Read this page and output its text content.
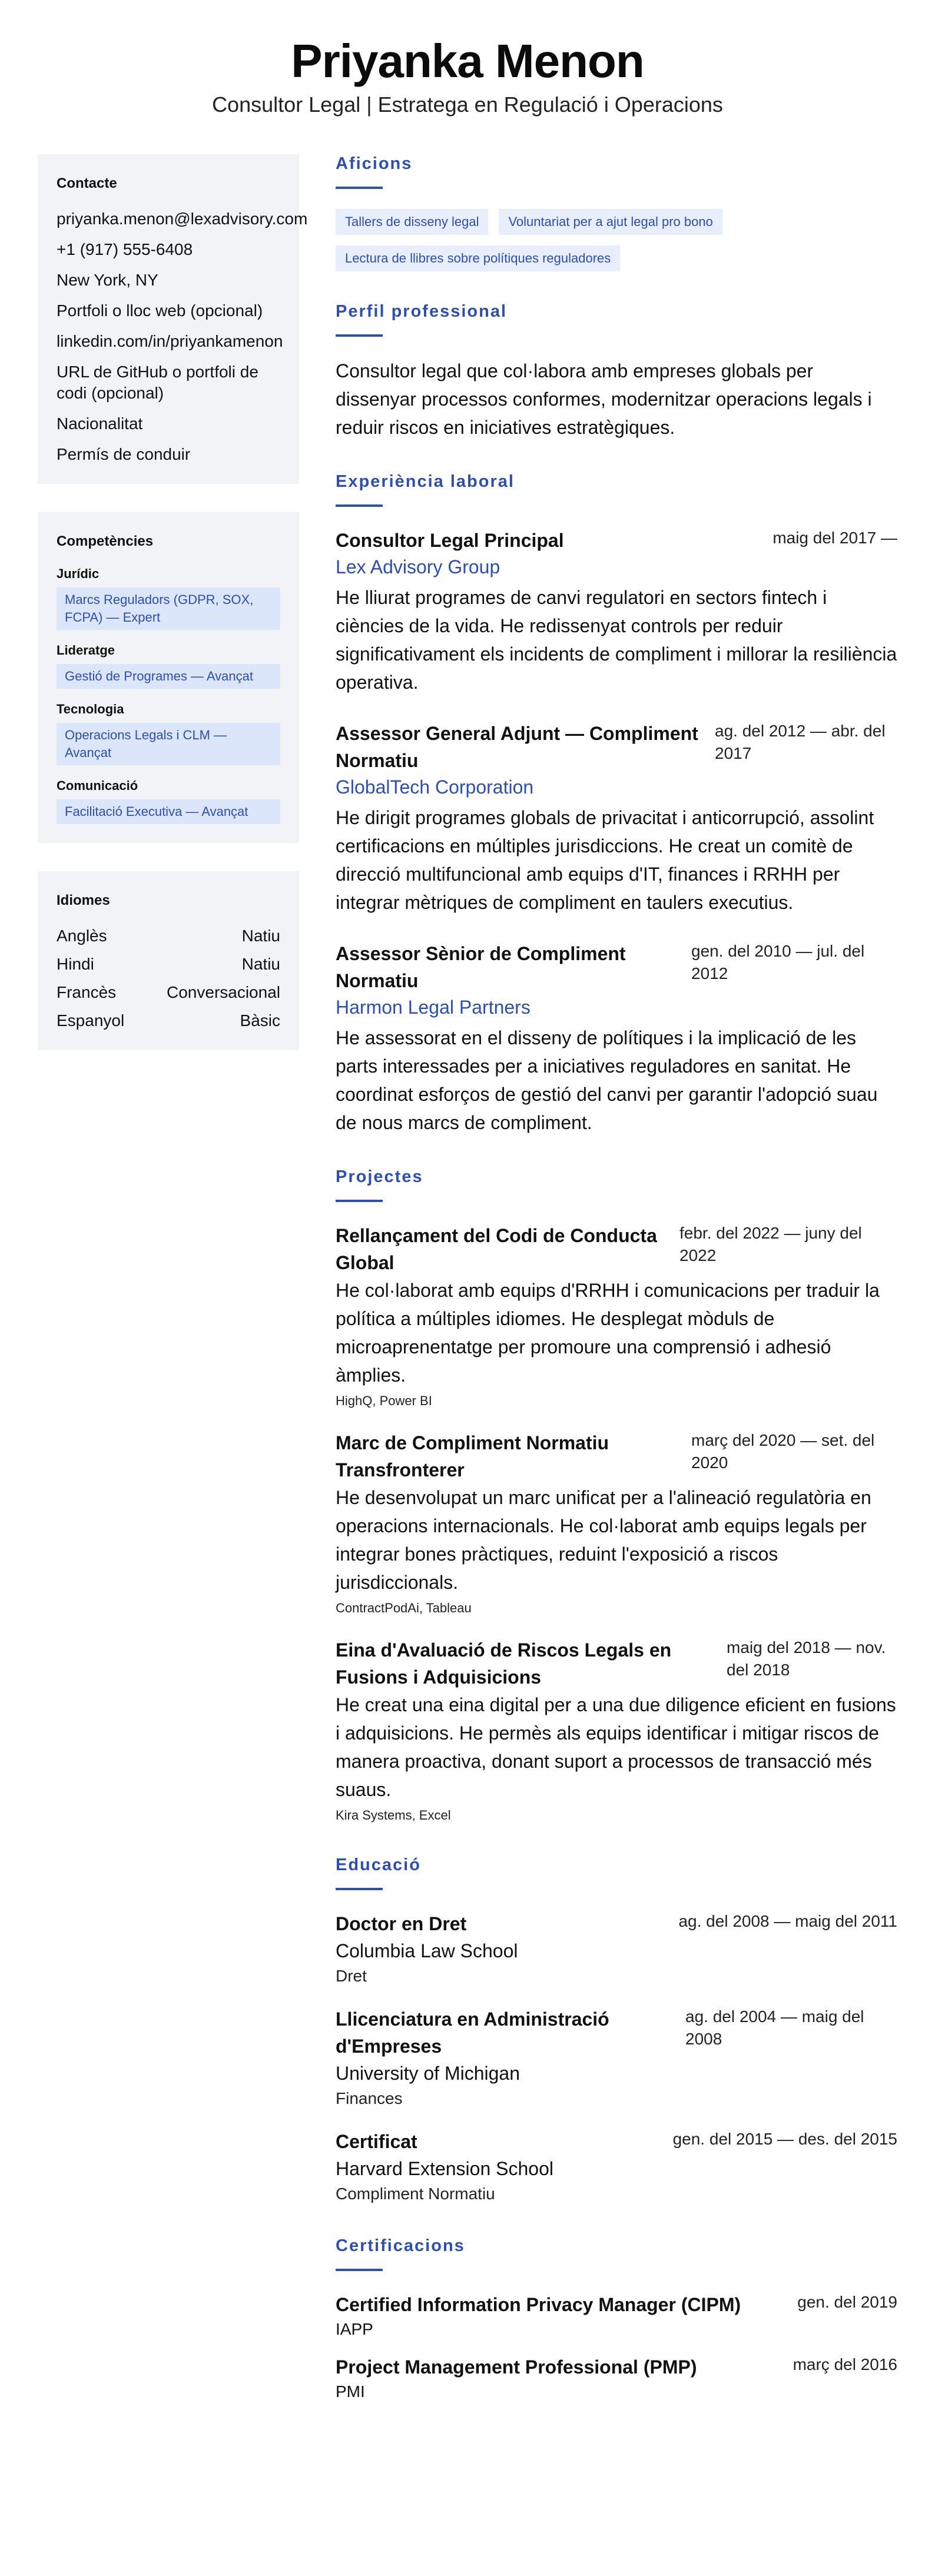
Priyanka Menon
Consultor Legal | Estratega en Regulació i Operacions
Contacte
priyanka.menon@lexadvisory.com
+1 (917) 555-6408
New York, NY
Portfoli o lloc web (opcional)
linkedin.com/in/priyankamenon
URL de GitHub o portfoli de codi (opcional)
Nacionalitat
Permís de conduir
Competències
Jurídic
Marcs Reguladors (GDPR, SOX, FCPA) — Expert
Lideratge
Gestió de Programes — Avançat
Tecnologia
Operacions Legals i CLM — Avançat
Comunicació
Facilitació Executiva — Avançat
Idiomes
Anglès	Natiu
Hindi	Natiu
Francès	Conversacional
Espanyol	Bàsic
Aficions
Tallers de disseny legal	Voluntariat per a ajut legal pro bono
Lectura de llibres sobre polítiques reguladores
Perfil professional

Consultor legal que col·labora amb empreses globals per dissenyar processos conformes, modernitzar operacions legals i reduir riscos en iniciatives estratègiques.

Experiència laboral
Consultor Legal Principal	maig del 2017 —
Lex Advisory Group

He lliurat programes de canvi regulatori en sectors fintech i ciències de la vida. He redissenyat controls per reduir significativament els incidents de compliment i millorar la resiliència operativa.

Assessor General Adjunt — Compliment Normatiu
ag. del 2012 — abr. del 2017
GlobalTech Corporation

He dirigit programes globals de privacitat i anticorrupció, assolint certificacions en múltiples jurisdiccions. He creat un comitè de direcció multifuncional amb equips d'IT, finances i RRHH per integrar mètriques de compliment en taulers executius.

Assessor Sènior de Compliment Normatiu
gen. del 2010 — jul. del 2012
Harmon Legal Partners

He assessorat en el disseny de polítiques i la implicació de les parts interessades per a iniciatives reguladores en sanitat. He coordinat esforços de gestió del canvi per garantir l'adopció suau de nous marcs de compliment.

Projectes
Rellançament del Codi de Conducta Global
febr. del 2022 — juny del 2022

He col·laborat amb equips d'RRHH i comunicacions per traduir la política a múltiples idiomes. He desplegat mòduls de microaprenentatge per promoure una comprensió i adhesió àmplies.

HighQ, Power BI
Marc de Compliment Normatiu Transfronterer
març del 2020 — set. del 2020

He desenvolupat un marc unificat per a l'alineació regulatòria en operacions internacionals. He col·laborat amb equips legals per integrar bones pràctiques, reduint l'exposició a riscos jurisdiccionals.

ContractPodAi, Tableau
Eina d'Avaluació de Riscos Legals en Fusions i Adquisicions
maig del 2018 — nov. del 2018

He creat una eina digital per a una due diligence eficient en fusions i adquisicions. He permès als equips identificar i mitigar riscos de manera proactiva, donant suport a processos de transacció més suaus.

Kira Systems, Excel
Educació
Doctor en Dret	ag. del 2008 — maig del 2011
Columbia Law School
Dret
Llicenciatura en Administració d'Empreses
ag. del 2004 — maig del 2008
University of Michigan
Finances
Certificat	gen. del 2015 — des. del 2015
Harvard Extension School
Compliment Normatiu
Certificacions
Certified Information Privacy Manager (CIPM)	gen. del 2019
IAPP
Project Management Professional (PMP)	març del 2016
PMI
